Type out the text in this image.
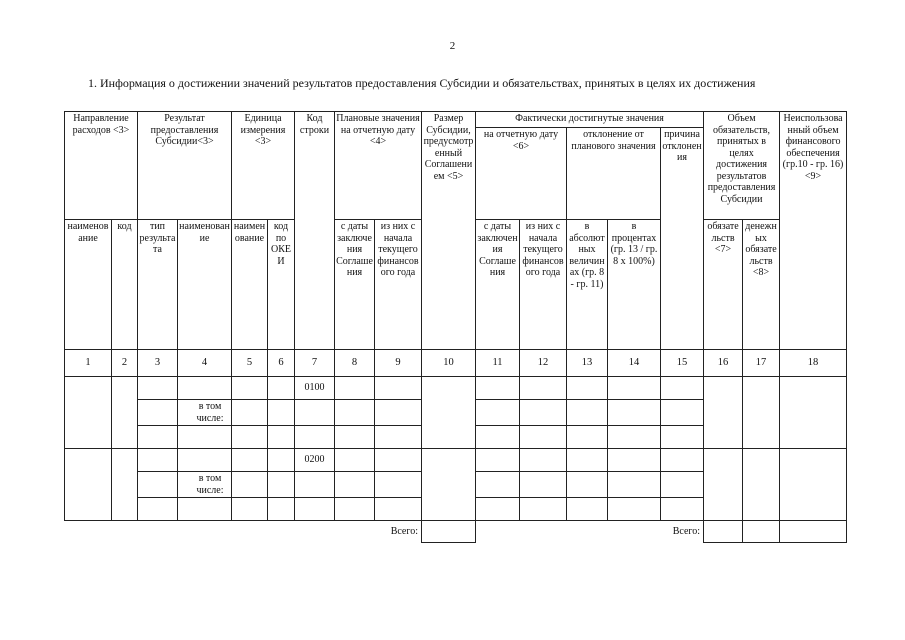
2
1. Информация о достижении значений результатов предоставления Субсидии и обязательствах, принятых в целях их достижения
Направление расходов <3>		Результат предоставления Субсидии<3>		Единица измерения <3>		Код строки	Плановые значения на отчетную дату <4>		Размер Субсидии, предусмотренный Соглашением <5>	Фактически достигнутые значения					Объем обязательств, принятых в целях достижения результатов предоставления Субсидии		Неиспользованный объем финансового обеспечения (гр.10 - гр. 16) <9>
										на отчетную дату <6>		отклонение от планового значения		причина отклонения			

наименование	код	тип результата	наименование	наименование	код по ОКЕИ		с даты заключения Соглашения	из них с начала текущего финансового года		с даты заключения Соглашения	из них с начала текущего финансового года	в абсолютных величинах (гр. 8 - гр. 11)	в процентах (гр. 13 / гр. 8 х 100%)		обязательств <7>	денежных обязательств <8>	
1	2	3	4	5	6	7	8	9	10	11	12	13	14	15	16	17	18
						0100											
			в том числе:														

						0200											
			в том числе:														

Всего:										Всего:							
